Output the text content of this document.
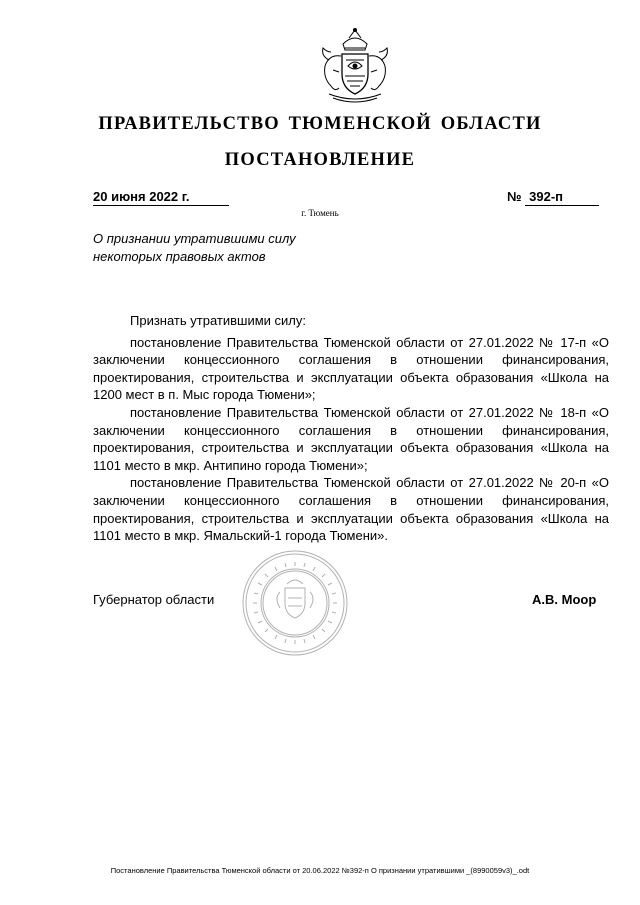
ПРАВИТЕЛЬСТВО ТЮМЕНСКОЙ ОБЛАСТИ
ПОСТАНОВЛЕНИЕ
20 июня 2022 г.	№ 392-п
г. Тюмень
О признании утратившими силу
некоторых правовых актов

Признать утратившими силу:

постановление Правительства Тюменской области от 27.01.2022 № 17-п «О заключении концессионного соглашения в отношении финансирования, проектирования, строительства и эксплуатации объекта образования «Школа на 1200 мест в п. Мыс города Тюмени»;

постановление Правительства Тюменской области от 27.01.2022 № 18-п «О заключении концессионного соглашения в отношении финансирования, проектирования, строительства и эксплуатации объекта образования «Школа на 1101 место в мкр. Антипино города Тюмени»;

постановление Правительства Тюменской области от 27.01.2022 № 20-п «О заключении концессионного соглашения в отношении финансирования, проектирования, строительства и эксплуатации объекта образования «Школа на 1101 место в мкр. Ямальский-1 города Тюмени».

Губернатор области	А.В. Моор
Постановление Правительства Тюменской области от 20.06.2022 №392-п О признании утратившими _(8990059v3)_.odt
